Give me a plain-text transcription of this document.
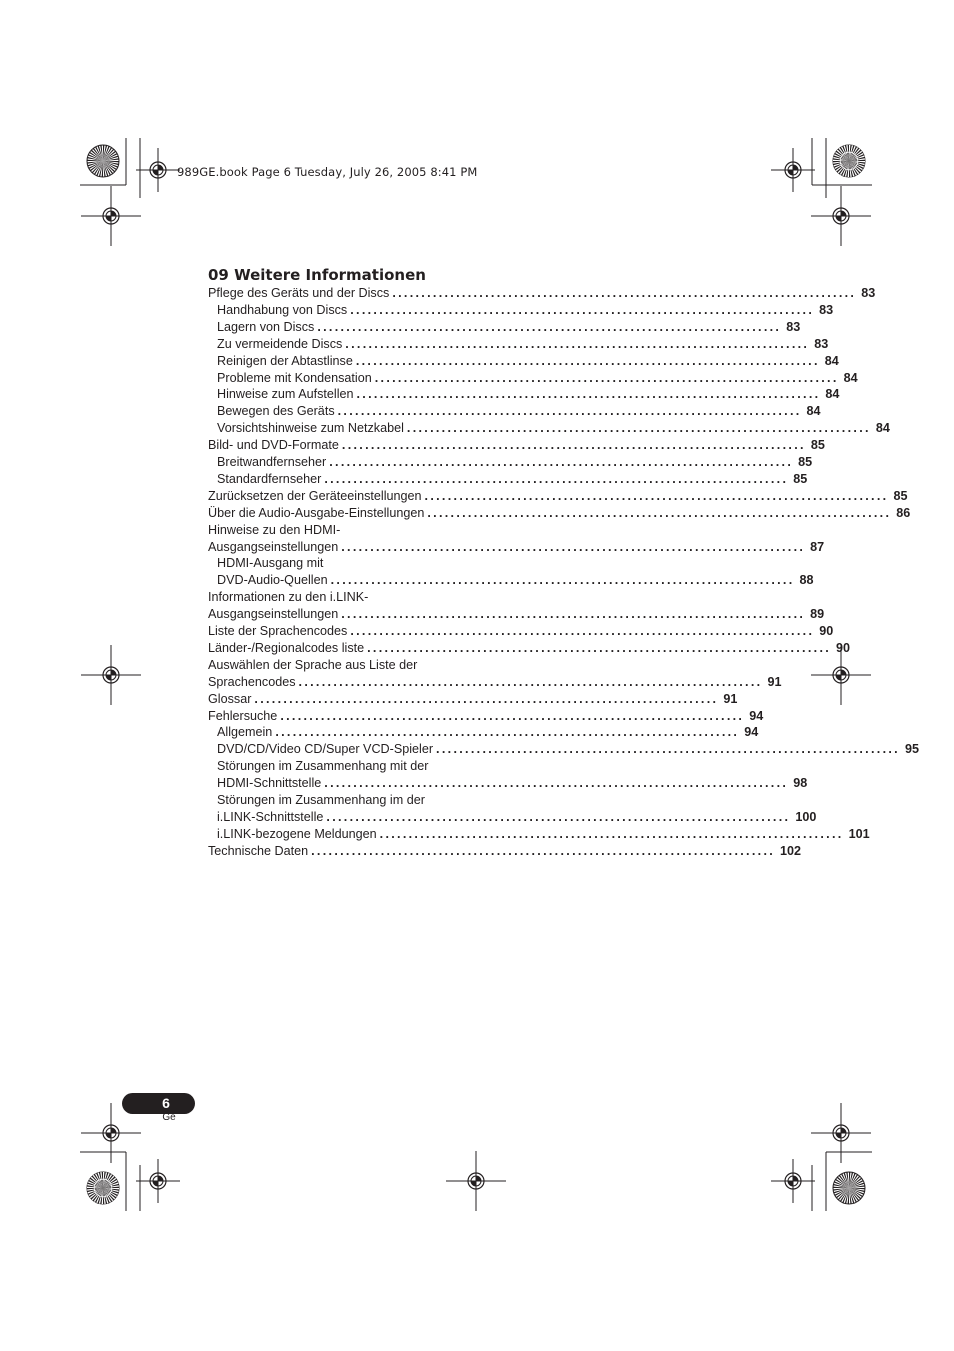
989GE.book Page 6 Tuesday, July 26, 2005 8:41 PM
09 Weitere Informationen
Pflege des Geräts und der Discs ................................................................................ 83
Handhabung von Discs ................................................................................ 83
Lagern von Discs ................................................................................ 83
Zu vermeidende Discs ................................................................................ 83
Reinigen der Abtastlinse ................................................................................ 84
Probleme mit Kondensation ................................................................................ 84
Hinweise zum Aufstellen ................................................................................ 84
Bewegen des Geräts ................................................................................ 84
Vorsichtshinweise zum Netzkabel ................................................................................ 84
Bild- und DVD-Formate ................................................................................ 85
Breitwandfernseher ................................................................................ 85
Standardfernseher ................................................................................ 85
Zurücksetzen der Geräteeinstellungen ................................................................................ 85
Über die Audio-Ausgabe-Einstellungen ................................................................................ 86
Hinweise zu den HDMI-
Ausgangseinstellungen ................................................................................ 87
HDMI-Ausgang mit
DVD-Audio-Quellen ................................................................................ 88
Informationen zu den i.LINK-
Ausgangseinstellungen ................................................................................ 89
Liste der Sprachencodes ................................................................................ 90
Länder-/Regionalcodes liste ................................................................................ 90
Auswählen der Sprache aus Liste der
Sprachencodes ................................................................................ 91
Glossar ................................................................................ 91
Fehlersuche ................................................................................ 94
Allgemein ................................................................................ 94
DVD/CD/Video CD/Super VCD-Spieler ................................................................................ 95
Störungen im Zusammenhang mit der
HDMI-Schnittstelle ................................................................................ 98
Störungen im Zusammenhang im der
i.LINK-Schnittstelle ................................................................................ 100
i.LINK-bezogene Meldungen ................................................................................ 101
Technische Daten ................................................................................ 102
6
Ge
